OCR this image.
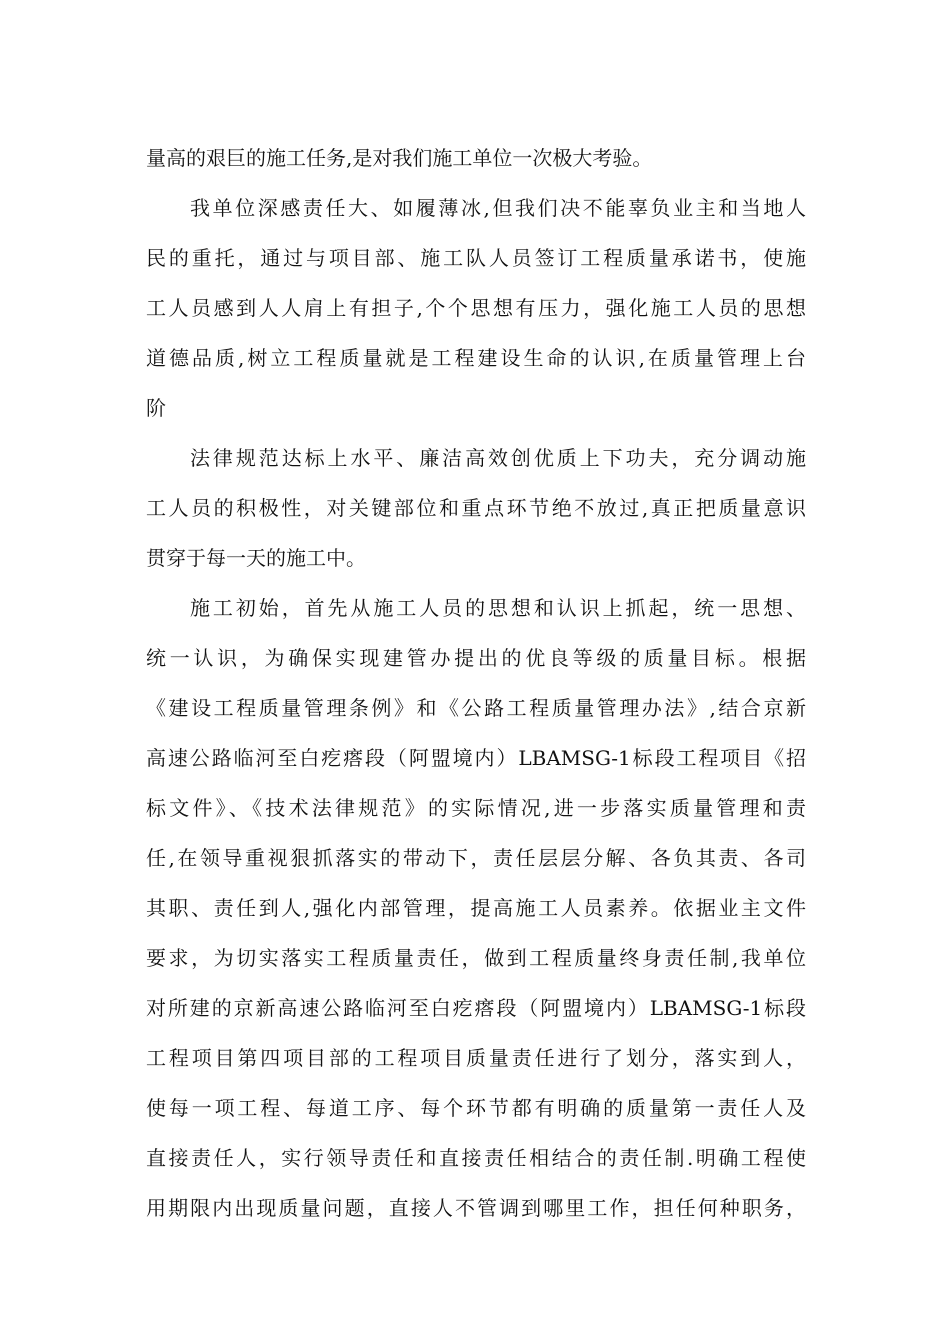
量高的艰巨的施工任务,是对我们施工单位一次极大考验。
我单位深感责任大、如履薄冰,但我们决不能辜负业主和当地人
民的重托，通过与项目部、施工队人员签订工程质量承诺书，使施
工人员感到人人肩上有担子,个个思想有压力，强化施工人员的思想
道德品质,树立工程质量就是工程建设生命的认识,在质量管理上台
阶
法律规范达标上水平、廉洁高效创优质上下功夫，充分调动施
工人员的积极性，对关键部位和重点环节绝不放过,真正把质量意识
贯穿于每一天的施工中。
施工初始，首先从施工人员的思想和认识上抓起，统一思想、
统一认识，为确保实现建管办提出的优良等级的质量目标。根据
《建设工程质量管理条例》和《公路工程质量管理办法》,结合京新
高速公路临河至白疙瘩段（阿盟境内）LBAMSG-1标段工程项目《招
标文件》、《技术法律规范》的实际情况,进一步落实质量管理和责
任,在领导重视狠抓落实的带动下，责任层层分解、各负其责、各司
其职、责任到人,强化内部管理，提高施工人员素养。依据业主文件
要求，为切实落实工程质量责任，做到工程质量终身责任制,我单位
对所建的京新高速公路临河至白疙瘩段（阿盟境内）LBAMSG-1标段
工程项目第四项目部的工程项目质量责任进行了划分，落实到人，
使每一项工程、每道工序、每个环节都有明确的质量第一责任人及
直接责任人，实行领导责任和直接责任相结合的责任制.明确工程使
用期限内出现质量问题，直接人不管调到哪里工作，担任何种职务，
